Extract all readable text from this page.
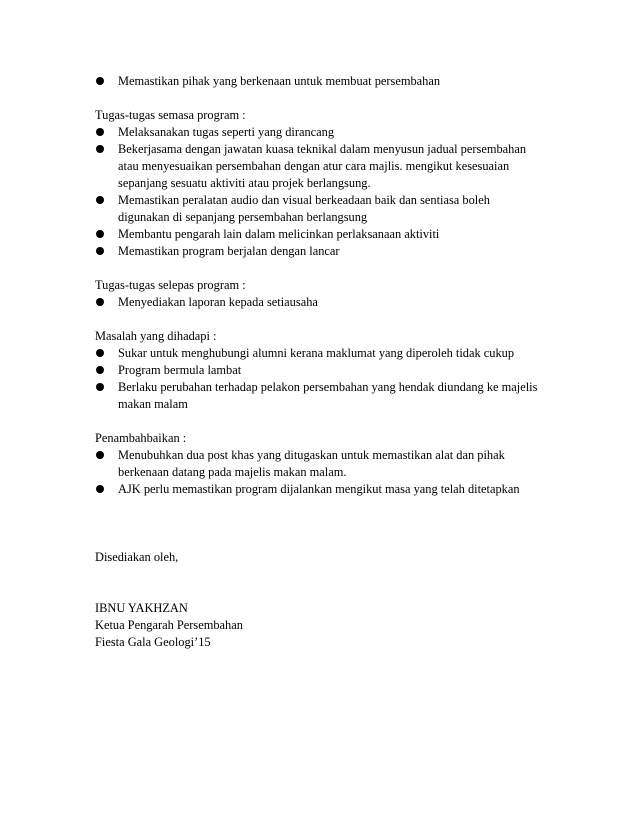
Memastikan pihak yang berkenaan untuk membuat persembahan

Tugas-tugas semasa program :

Melaksanakan tugas seperti yang dirancang
Bekerjasama dengan jawatan kuasa teknikal dalam menyusun jadual persembahan
atau menyesuaikan persembahan dengan atur cara majlis. mengikut kesesuaian
sepanjang sesuatu aktiviti atau projek berlangsung.
Memastikan peralatan audio dan visual berkeadaan baik dan sentiasa boleh
digunakan di sepanjang persembahan berlangsung
Membantu pengarah lain dalam melicinkan perlaksanaan aktiviti
Memastikan program berjalan dengan lancar

Tugas-tugas selepas program :

Menyediakan laporan kepada setiausaha

Masalah yang dihadapi :

Sukar untuk menghubungi alumni kerana maklumat yang diperoleh tidak cukup
Program bermula lambat
Berlaku perubahan terhadap pelakon persembahan yang hendak diundang ke majelis
makan malam

Penambahbaikan :

Menubuhkan dua post khas yang ditugaskan untuk memastikan alat dan pihak
berkenaan datang pada majelis makan malam.
AJK perlu memastikan program dijalankan mengikut masa yang telah ditetapkan

Disediakan oleh,

IBNU YAKHZAN

Ketua Pengarah Persembahan

Fiesta Gala Geologi’15
